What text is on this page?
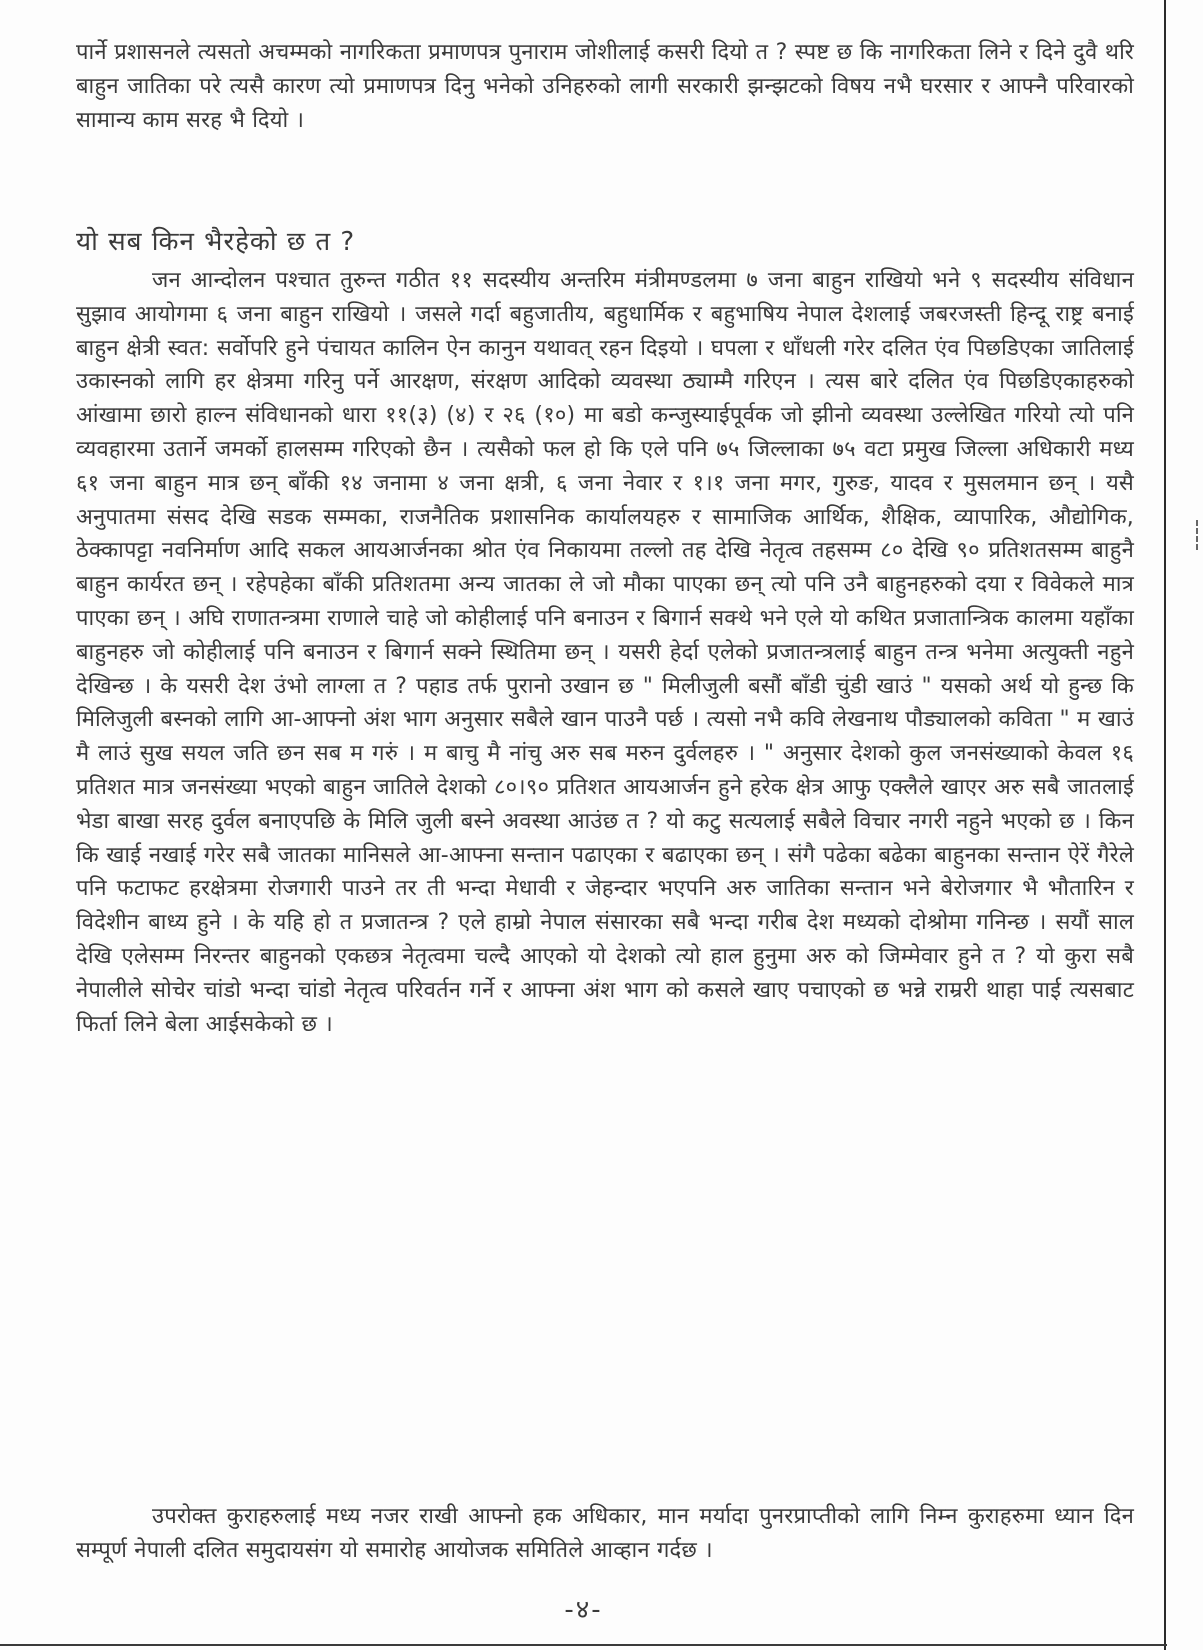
पार्ने प्रशासनले त्यसतो अचम्मको नागरिकता प्रमाणपत्र पुनाराम जोशीलाई कसरी दियो त ? स्पष्ट छ कि नागरिकता लिने र दिने दुवै थरि बाहुन जातिका परे त्यसै कारण त्यो प्रमाणपत्र दिनु भनेको उनिहरुको लागी सरकारी झन्झटको विषय नभै घरसार र आफ्नै परिवारको सामान्य काम सरह भै दियो ।

यो सब किन भैरहेको छ त ?

जन आन्दोलन पश्चात तुरुन्त गठीत ११ सदस्यीय अन्तरिम मंत्रीमण्डलमा ७ जना बाहुन राखियो भने ९ सदस्यीय संविधान सुझाव आयोगमा ६ जना बाहुन राखियो । जसले गर्दा बहुजातीय, बहुधार्मिक र बहुभाषिय नेपाल देशलाई जबरजस्ती हिन्दू राष्ट्र बनाई बाहुन क्षेत्री स्वत: सर्वोपरि हुने पंचायत कालिन ऐन कानुन यथावत् रहन दिइयो । घपला र धाँधली गरेर दलित एंव पिछडिएका जातिलाई उकास्नको लागि हर क्षेत्रमा गरिनु पर्ने आरक्षण, संरक्षण आदिको व्यवस्था ठ्याम्मै गरिएन । त्यस बारे दलित एंव पिछडिएकाहरुको आंखामा छारो हाल्न संविधानको धारा ११(३) (४) र २६ (१०) मा बडो कन्जुस्याईपूर्वक जो झीनो व्यवस्था उल्लेखित गरियो त्यो पनि व्यवहारमा उतार्ने जमर्को हालसम्म गरिएको छैन । त्यसैको फल हो कि एले पनि ७५ जिल्लाका ७५ वटा प्रमुख जिल्ला अधिकारी मध्य ६१ जना बाहुन मात्र छन् बाँकी १४ जनामा ४ जना क्षत्री, ६ जना नेवार र १।१ जना मगर, गुरुङ, यादव र मुसलमान छन् । यसै अनुपातमा संसद देखि सडक सम्मका, राजनैतिक प्रशासनिक कार्यालयहरु र सामाजिक आर्थिक, शैक्षिक, व्यापारिक, औद्योगिक, ठेक्कापट्टा नवनिर्माण आदि सकल आयआर्जनका श्रोत एंव निकायमा तल्लो तह देखि नेतृत्व तहसम्म ८० देखि ९० प्रतिशतसम्म बाहुनै बाहुन कार्यरत छन् । रहेपहेका बाँकी प्रतिशतमा अन्य जातका ले जो मौका पाएका छन् त्यो पनि उनै बाहुनहरुको दया र विवेकले मात्र पाएका छन् । अघि राणातन्त्रमा राणाले चाहे जो कोहीलाई पनि बनाउन र बिगार्न सक्थे भने एले यो कथित प्रजातान्त्रिक कालमा यहाँका बाहुनहरु जो कोहीलाई पनि बनाउन र बिगार्न सक्ने स्थितिमा छन् । यसरी हेर्दा एलेको प्रजातन्त्रलाई बाहुन तन्त्र भनेमा अत्युक्ती नहुने देखिन्छ । के यसरी देश उंभो लाग्ला त ? पहाड तर्फ पुरानो उखान छ " मिलीजुली बसौं बाँडी चुंडी खाउं " यसको अर्थ यो हुन्छ कि मिलिजुली बस्नको लागि आ-आफ्नो अंश भाग अनुसार सबैले खान पाउनै पर्छ । त्यसो नभै कवि लेखनाथ पौड्यालको कविता " म खाउं मै लाउं सुख सयल जति छन सब म गरुं । म बाचु मै नांचु अरु सब मरुन दुर्वलहरु । " अनुसार देशको कुल जनसंख्याको केवल १६ प्रतिशत मात्र जनसंख्या भएको बाहुन जातिले देशको ८०।९० प्रतिशत आयआर्जन हुने हरेक क्षेत्र आफु एक्लैले खाएर अरु सबै जातलाई भेडा बाखा सरह दुर्वल बनाएपछि के मिलि जुली बस्ने अवस्था आउंछ त ? यो कटु सत्यलाई सबैले विचार नगरी नहुने भएको छ । किन कि खाई नखाई गरेर सबै जातका मानिसले आ-आफ्ना सन्तान पढाएका र बढाएका छन् । संगै पढेका बढेका बाहुनका सन्तान ऐरें गैरेले पनि फटाफट हरक्षेत्रमा रोजगारी पाउने तर ती भन्दा मेधावी र जेहन्दार भएपनि अरु जातिका सन्तान भने बेरोजगार भै भौतारिन र विदेशीन बाध्य हुने । के यहि हो त प्रजातन्त्र ? एले हाम्रो नेपाल संसारका सबै भन्दा गरीब देश मध्यको दोश्रोमा गनिन्छ । सयौं साल देखि एलेसम्म निरन्तर बाहुनको एकछत्र नेतृत्वमा चल्दै आएको यो देशको त्यो हाल हुनुमा अरु को जिम्मेवार हुने त ? यो कुरा सबै नेपालीले सोचेर चांडो भन्दा चांडो नेतृत्व परिवर्तन गर्ने र आफ्ना अंश भाग को कसले खाए पचाएको छ भन्ने राम्ररी थाहा पाई त्यसबाट फिर्ता लिने बेला आईसकेको छ ।

उपरोक्त कुराहरुलाई मध्य नजर राखी आफ्नो हक अधिकार, मान मर्यादा पुनरप्राप्तीको लागि निम्न कुराहरुमा ध्यान दिन सम्पूर्ण नेपाली दलित समुदायसंग यो समारोह आयोजक समितिले आव्हान गर्दछ ।

-४-
